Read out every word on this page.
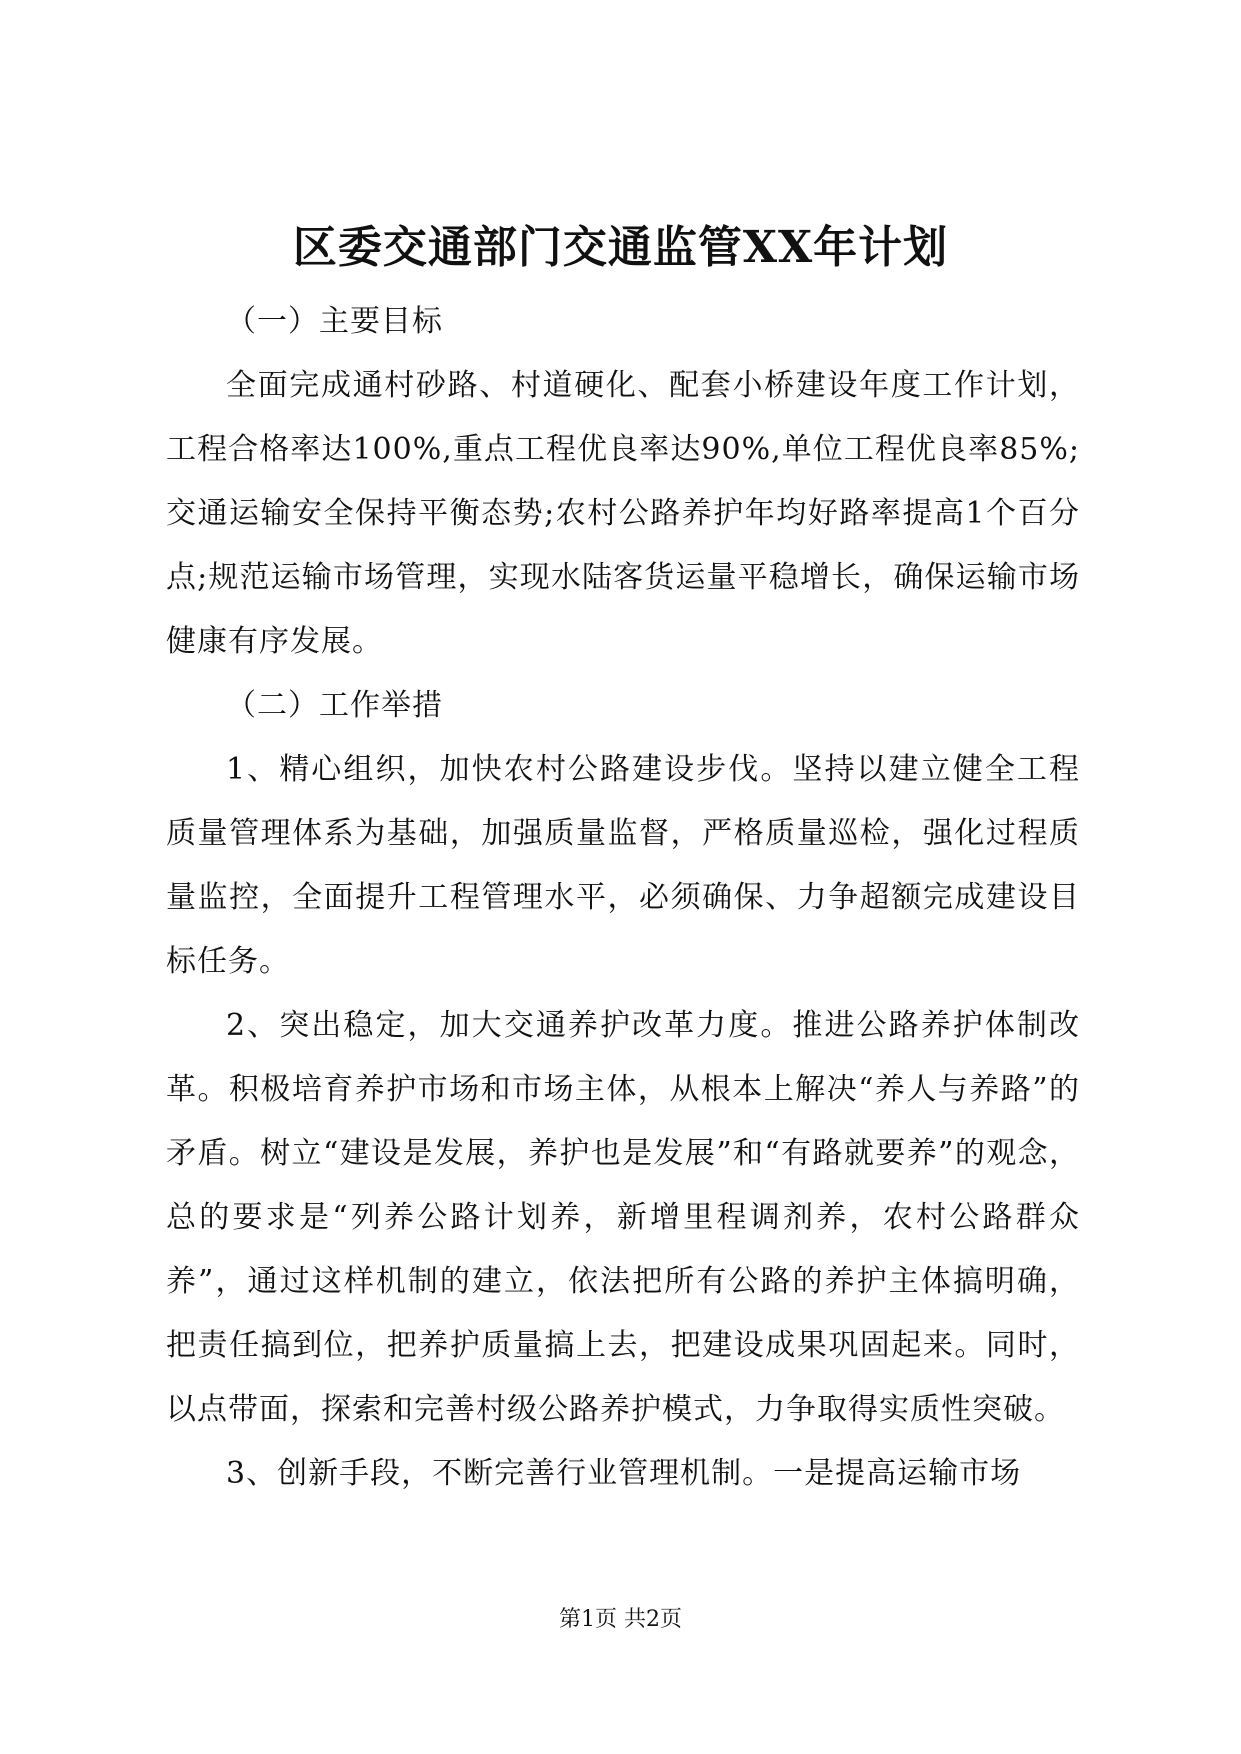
区委交通部门交通监管XX年计划

（一）主要目标

全面完成通村砂路、村道硬化、配套小桥建设年度工作计划，工程合格率达100%,重点工程优良率达90%,单位工程优良率85%;交通运输安全保持平衡态势;农村公路养护年均好路率提高1个百分点;规范运输市场管理，实现水陆客货运量平稳增长，确保运输市场健康有序发展。

（二）工作举措

1、精心组织，加快农村公路建设步伐。坚持以建立健全工程质量管理体系为基础，加强质量监督，严格质量巡检，强化过程质量监控，全面提升工程管理水平，必须确保、力争超额完成建设目标任务。

2、突出稳定，加大交通养护改革力度。推进公路养护体制改革。积极培育养护市场和市场主体，从根本上解决“养人与养路”的矛盾。树立“建设是发展，养护也是发展”和“有路就要养”的观念，总的要求是“列养公路计划养，新增里程调剂养，农村公路群众养”，通过这样机制的建立，依法把所有公路的养护主体搞明确，把责任搞到位，把养护质量搞上去，把建设成果巩固起来。同时，以点带面，探索和完善村级公路养护模式，力争取得实质性突破。

3、创新手段，不断完善行业管理机制。一是提高运输市场

第1页 共2页
